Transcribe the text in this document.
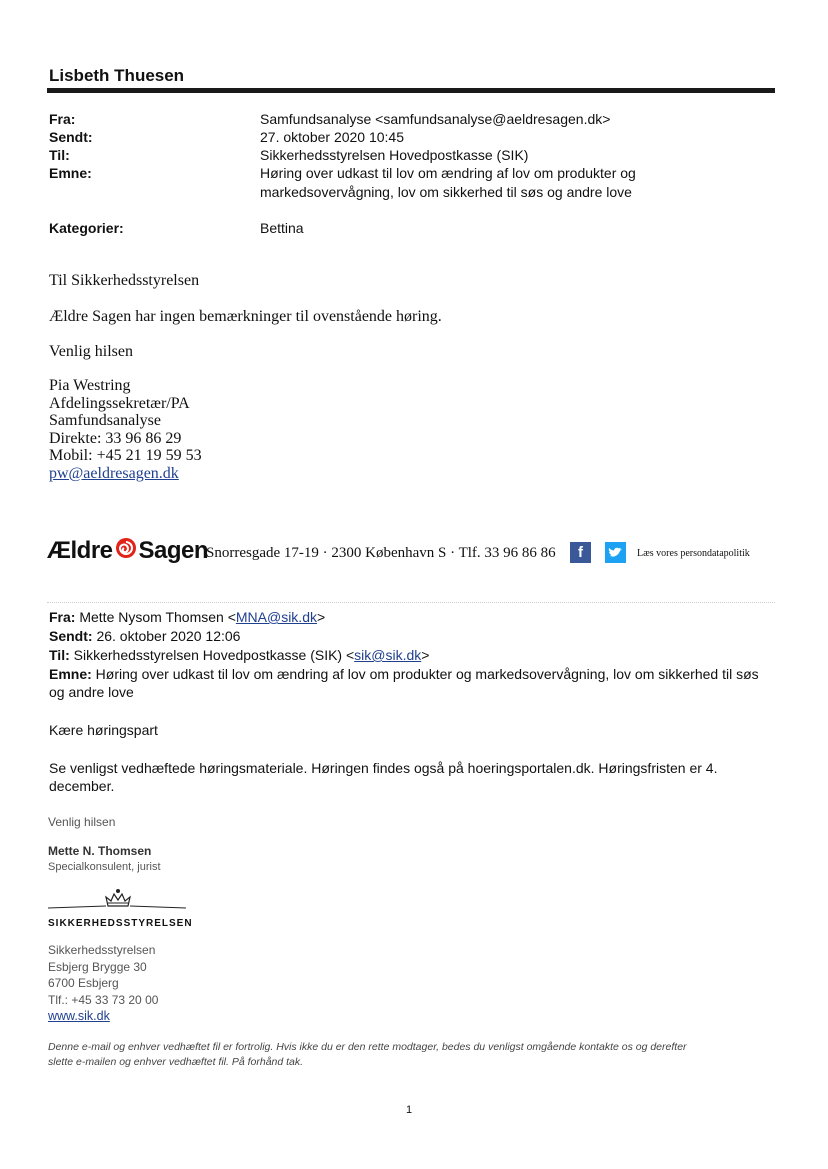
Lisbeth Thuesen
Fra:	Samfundsanalyse <samfundsanalyse@aeldresagen.dk>
Sendt:	27. oktober 2020 10:45
Til:	Sikkerhedsstyrelsen Hovedpostkasse (SIK)
Emne:	Høring over udkast til lov om ændring af lov om produkter og
markedsovervågning, lov om sikkerhed til søs og andre love
Kategorier:	Bettina
Til Sikkerhedsstyrelsen
Ældre Sagen har ingen bemærkninger til ovenstående høring.
Venlig hilsen
Pia Westring
Afdelingssekretær/PA
Samfundsanalyse
Direkte: 33 96 86 29
Mobil: +45 21 19 59 53
pw@aeldresagen.dk
Ældre Sagen
Snorresgade 17-19 · 2300 København S · Tlf. 33 96 86 86	f	Læs vores persondatapolitik
Fra: Mette Nysom Thomsen <MNA@sik.dk>
Sendt: 26. oktober 2020 12:06
Til: Sikkerhedsstyrelsen Hovedpostkasse (SIK) <sik@sik.dk>
Emne: Høring over udkast til lov om ændring af lov om produkter og markedsovervågning, lov om sikkerhed til søs
og andre love
Kære høringspart
Se venligst vedhæftede høringsmateriale. Høringen findes også på hoeringsportalen.dk. Høringsfristen er 4.
december.
Venlig hilsen
Mette N. Thomsen
Specialkonsulent, jurist
SIKKERHEDSSTYRELSEN
Sikkerhedsstyrelsen
Esbjerg Brygge 30
6700 Esbjerg
Tlf.: +45 33 73 20 00
www.sik.dk
Denne e-mail og enhver vedhæftet fil er fortrolig. Hvis ikke du er den rette modtager, bedes du venligst omgående kontakte os og derefter
slette e-mailen og enhver vedhæftet fil. På forhånd tak.
1
